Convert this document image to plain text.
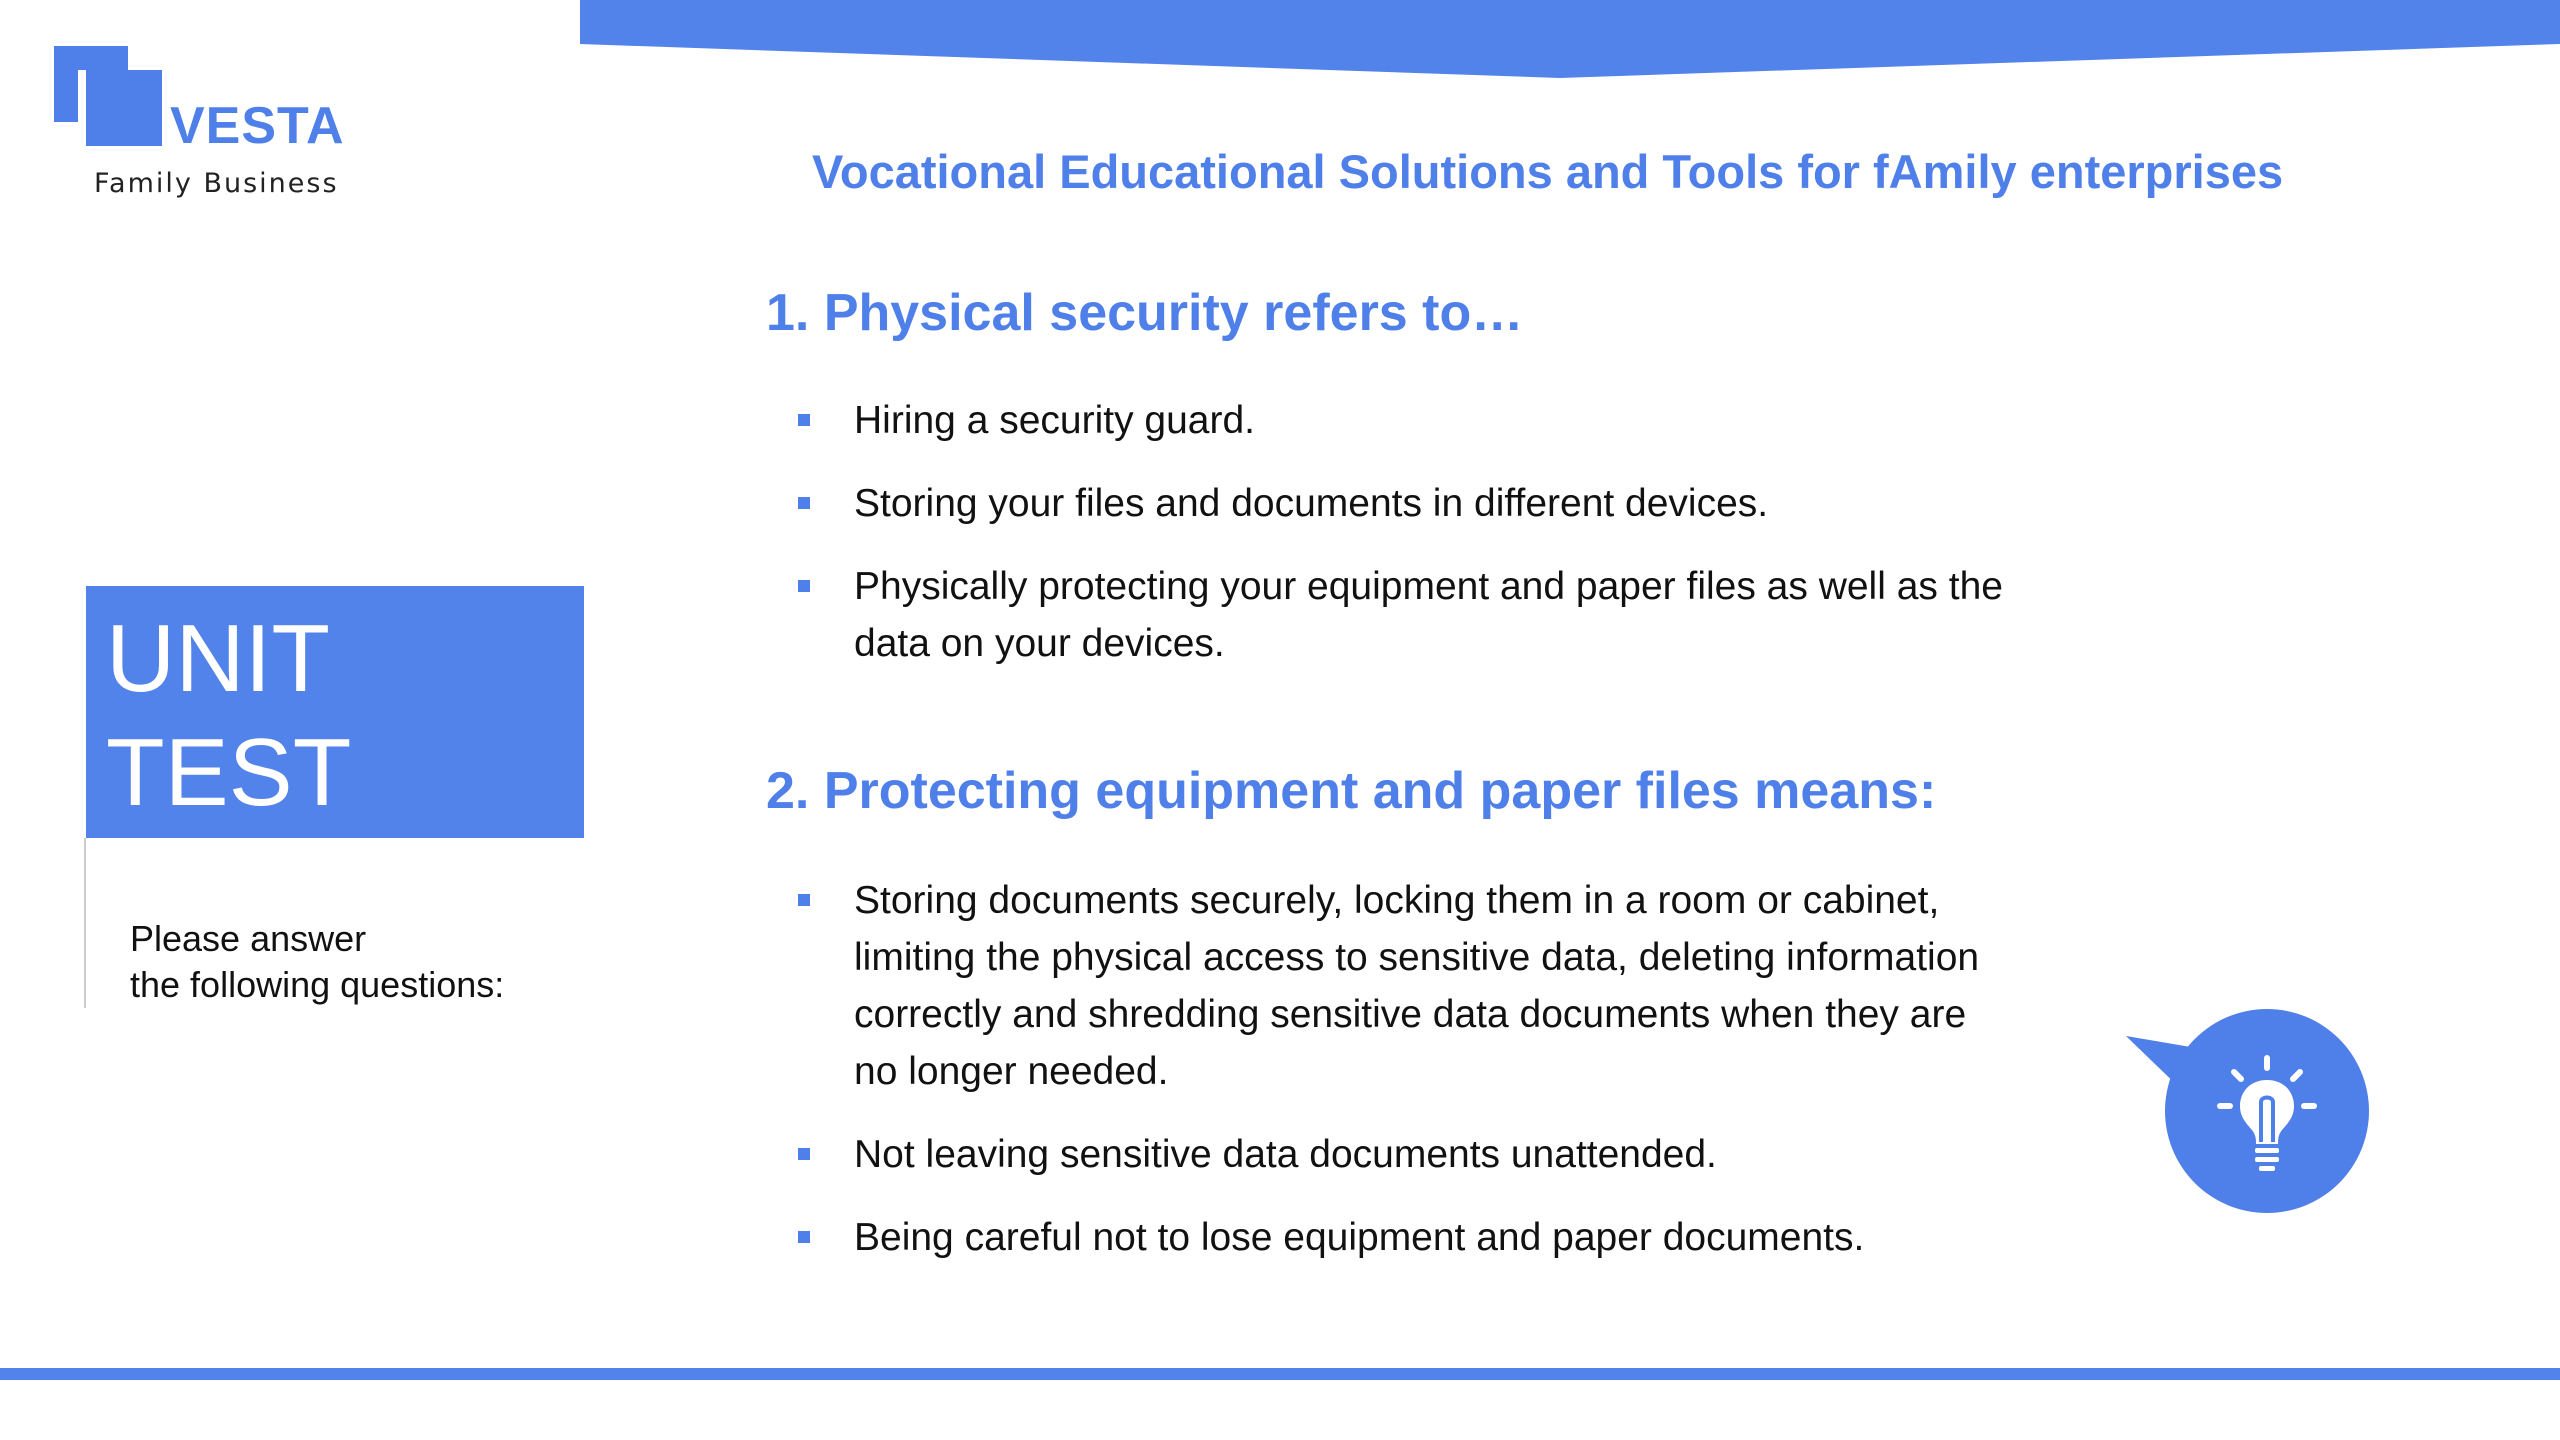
VESTA
Family Business	Vocational Educational Solutions and Tools for fAmily enterprises
UNIT
TEST
Please answer
the following questions:
1. Physical security refers to…
Hiring a security guard.
Storing your files and documents in different devices.
Physically protecting your equipment and paper files as well as the data on your devices.
2. Protecting equipment and paper files means:
Storing documents securely, locking them in a room or cabinet, limiting the physical access to sensitive data, deleting information correctly and shredding sensitive data documents when they are no longer needed.
Not leaving sensitive data documents unattended.
Being careful not to lose equipment and paper documents.
